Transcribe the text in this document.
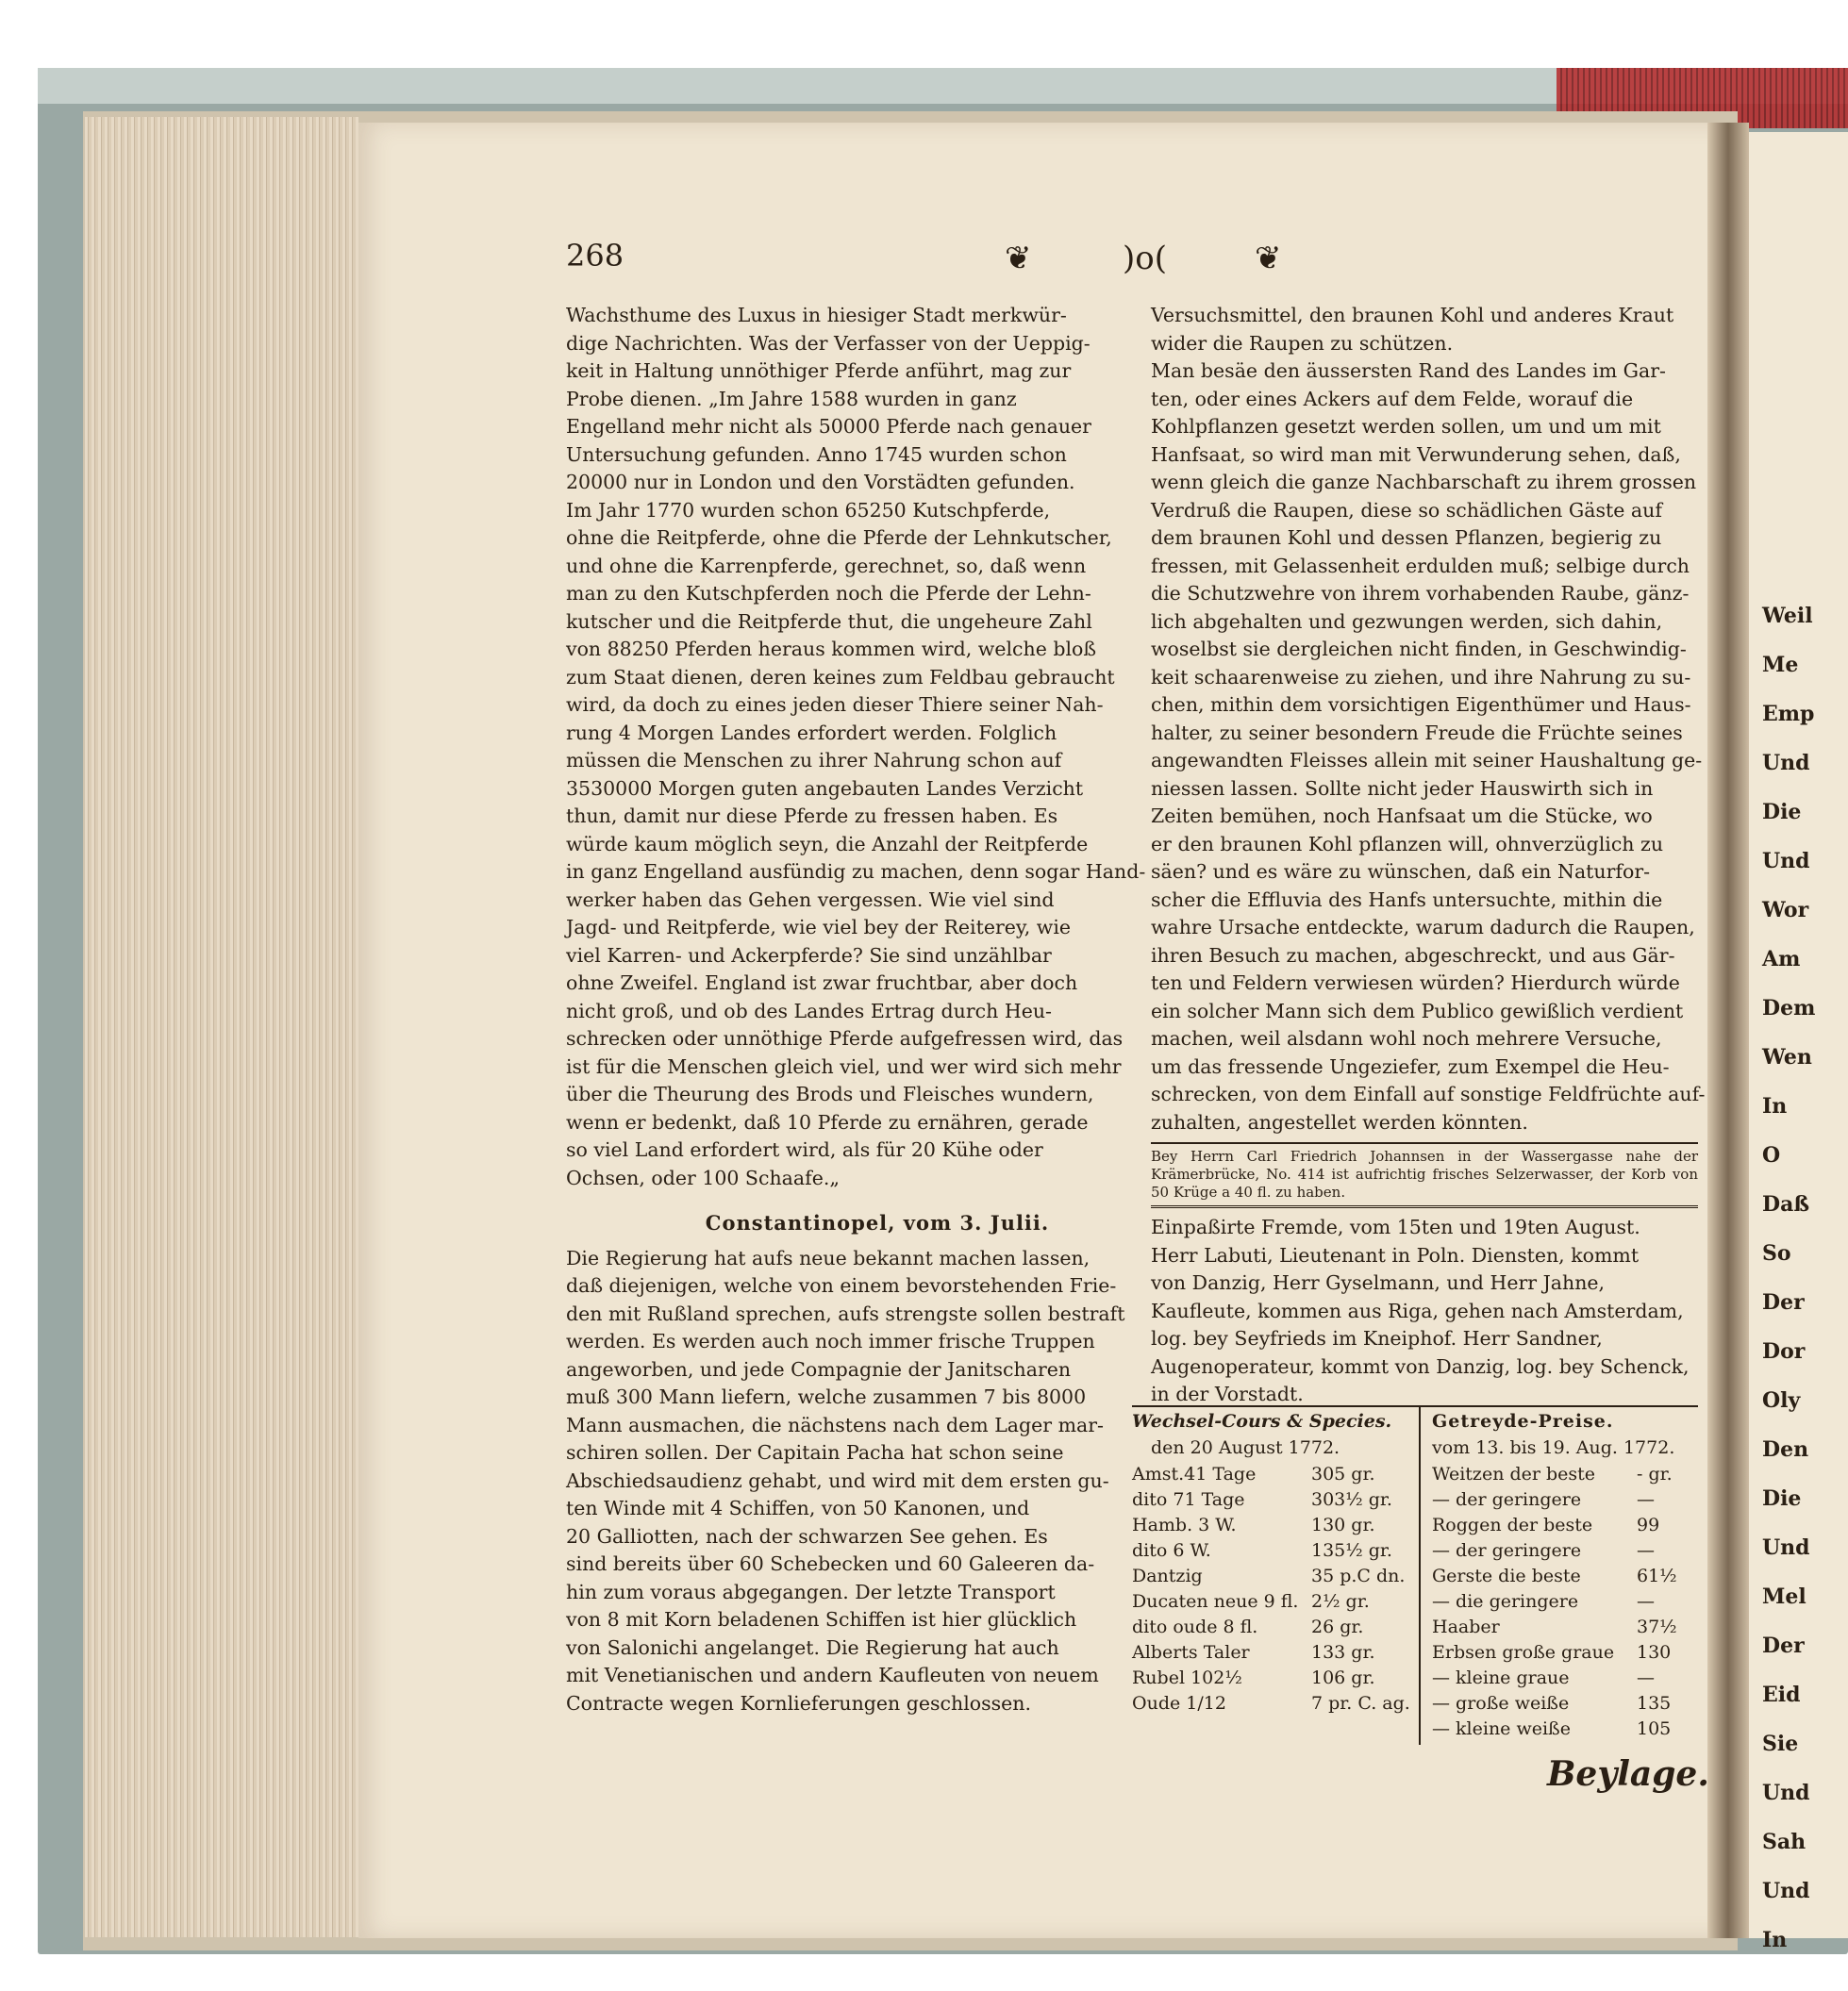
Weil
Me
Emp
Und
Die
Und
Wor
Am
Dem
Wen
In
O
Daß
So
Der
Dor
Oly
Den
Die
Und
Mel
Der
Eid
Sie
Und
Sah
Und
In
268	❦	)o(	❦
Wachsthume des Luxus in hiesiger Stadt merkwür-
dige Nachrichten. Was der Verfasser von der Ueppig-
keit in Haltung unnöthiger Pferde anführt, mag zur
Probe dienen. „Im Jahre 1588 wurden in ganz
Engelland mehr nicht als 50000 Pferde nach genauer
Untersuchung gefunden. Anno 1745 wurden schon
20000 nur in London und den Vorstädten gefunden.
Im Jahr 1770 wurden schon 65250 Kutschpferde,
ohne die Reitpferde, ohne die Pferde der Lehnkutscher,
und ohne die Karrenpferde, gerechnet, so, daß wenn
man zu den Kutschpferden noch die Pferde der Lehn-
kutscher und die Reitpferde thut, die ungeheure Zahl
von 88250 Pferden heraus kommen wird, welche bloß
zum Staat dienen, deren keines zum Feldbau gebraucht
wird, da doch zu eines jeden dieser Thiere seiner Nah-
rung 4 Morgen Landes erfordert werden. Folglich
müssen die Menschen zu ihrer Nahrung schon auf
3530000 Morgen guten angebauten Landes Verzicht
thun, damit nur diese Pferde zu fressen haben. Es
würde kaum möglich seyn, die Anzahl der Reitpferde
in ganz Engelland ausfündig zu machen, denn sogar Hand-
werker haben das Gehen vergessen. Wie viel sind
Jagd- und Reitpferde, wie viel bey der Reiterey, wie
viel Karren- und Ackerpferde? Sie sind unzählbar
ohne Zweifel. England ist zwar fruchtbar, aber doch
nicht groß, und ob des Landes Ertrag durch Heu-
schrecken oder unnöthige Pferde aufgefressen wird, das
ist für die Menschen gleich viel, und wer wird sich mehr
über die Theurung des Brods und Fleisches wundern,
wenn er bedenkt, daß 10 Pferde zu ernähren, gerade
so viel Land erfordert wird, als für 20 Kühe oder
Ochsen, oder 100 Schaafe.„
Constantinopel, vom 3. Julii.
Die Regierung hat aufs neue bekannt machen lassen,
daß diejenigen, welche von einem bevorstehenden Frie-
den mit Rußland sprechen, aufs strengste sollen bestraft
werden. Es werden auch noch immer frische Truppen
angeworben, und jede Compagnie der Janitscharen
muß 300 Mann liefern, welche zusammen 7 bis 8000
Mann ausmachen, die nächstens nach dem Lager mar-
schiren sollen. Der Capitain Pacha hat schon seine
Abschiedsaudienz gehabt, und wird mit dem ersten gu-
ten Winde mit 4 Schiffen, von 50 Kanonen, und
20 Galliotten, nach der schwarzen See gehen. Es
sind bereits über 60 Schebecken und 60 Galeeren da-
hin zum voraus abgegangen. Der letzte Transport
von 8 mit Korn beladenen Schiffen ist hier glücklich
von Salonichi angelanget. Die Regierung hat auch
mit Venetianischen und andern Kaufleuten von neuem
Contracte wegen Kornlieferungen geschlossen.
Versuchsmittel, den braunen Kohl und anderes Kraut
wider die Raupen zu schützen.
Man besäe den äussersten Rand des Landes im Gar-
ten, oder eines Ackers auf dem Felde, worauf die
Kohlpflanzen gesetzt werden sollen, um und um mit
Hanfsaat, so wird man mit Verwunderung sehen, daß,
wenn gleich die ganze Nachbarschaft zu ihrem grossen
Verdruß die Raupen, diese so schädlichen Gäste auf
dem braunen Kohl und dessen Pflanzen, begierig zu
fressen, mit Gelassenheit erdulden muß; selbige durch
die Schutzwehre von ihrem vorhabenden Raube, gänz-
lich abgehalten und gezwungen werden, sich dahin,
woselbst sie dergleichen nicht finden, in Geschwindig-
keit schaarenweise zu ziehen, und ihre Nahrung zu su-
chen, mithin dem vorsichtigen Eigenthümer und Haus-
halter, zu seiner besondern Freude die Früchte seines
angewandten Fleisses allein mit seiner Haushaltung ge-
niessen lassen. Sollte nicht jeder Hauswirth sich in
Zeiten bemühen, noch Hanfsaat um die Stücke, wo
er den braunen Kohl pflanzen will, ohnverzüglich zu
säen? und es wäre zu wünschen, daß ein Naturfor-
scher die Effluvia des Hanfs untersuchte, mithin die
wahre Ursache entdeckte, warum dadurch die Raupen,
ihren Besuch zu machen, abgeschreckt, und aus Gär-
ten und Feldern verwiesen würden? Hierdurch würde
ein solcher Mann sich dem Publico gewißlich verdient
machen, weil alsdann wohl noch mehrere Versuche,
um das fressende Ungeziefer, zum Exempel die Heu-
schrecken, von dem Einfall auf sonstige Feldfrüchte auf-
zuhalten, angestellet werden könnten.
Bey Herrn Carl Friedrich Johannsen in der Wassergasse nahe der Krämerbrücke, No. 414 ist aufrichtig frisches Selzerwasser, der Korb von 50 Krüge a 40 fl. zu haben.
Einpaßirte Fremde, vom 15ten und 19ten August.
Herr Labuti, Lieutenant in Poln. Diensten, kommt
von Danzig, Herr Gyselmann, und Herr Jahne,
Kaufleute, kommen aus Riga, gehen nach Amsterdam,
log. bey Seyfrieds im Kneiphof. Herr Sandner,
Augenoperateur, kommt von Danzig, log. bey Schenck,
in der Vorstadt.
Wechsel-Cours & Species.
den 20 August 1772.
Amst.41 Tage	305 gr.
dito 71 Tage	303½ gr.
Hamb. 3 W.	130 gr.
dito 6 W.	135½ gr.
Dantzig	35 p.C dn.
Ducaten neue 9 fl. 2½ gr.
dito oude 8 fl.	26 gr.
Alberts Taler	133 gr.
Rubel 102½	106 gr.
Oude 1/12	7 pr. C. ag.
Getreyde-Preise.
vom 13. bis 19. Aug. 1772.
Weitzen der beste - gr.
— der geringere	—
Roggen der beste 99
— der geringere	—
Gerste die beste	61½
— die geringere	—
Haaber	37½
Erbsen große graue 130
— kleine graue	—
— große weiße	135
— kleine weiße	105
Beylage.
